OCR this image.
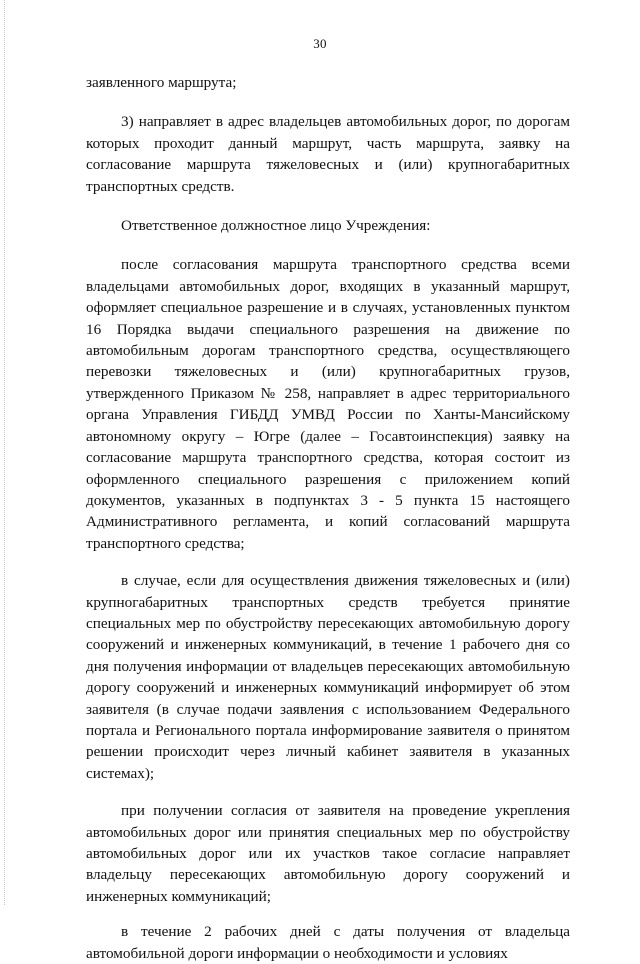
30

заявленного маршрута;

3) направляет в адрес владельцев автомобильных дорог, по дорогам которых проходит данный маршрут, часть маршрута, заявку на согласование маршрута тяжеловесных и (или) крупногабаритных транспортных средств.

Ответственное должностное лицо Учреждения:

после согласования маршрута транспортного средства всеми владельцами автомобильных дорог, входящих в указанный маршрут, оформляет специальное разрешение и в случаях, установленных пунктом 16 Порядка выдачи специального разрешения на движение по автомобильным дорогам транспортного средства, осуществляющего перевозки тяжеловесных и (или) крупногабаритных грузов, утвержденного Приказом № 258, направляет в адрес территориального органа Управления ГИБДД УМВД России по Ханты-Мансийскому автономному округу – Югре (далее – Госавтоинспекция) заявку на согласование маршрута транспортного средства, которая состоит из оформленного специального разрешения с приложением копий документов, указанных в подпунктах 3 - 5 пункта 15 настоящего Административного регламента, и копий согласований маршрута транспортного средства;

в случае, если для осуществления движения тяжеловесных и (или) крупногабаритных транспортных средств требуется принятие специальных мер по обустройству пересекающих автомобильную дорогу сооружений и инженерных коммуникаций, в течение 1 рабочего дня со дня получения информации от владельцев пересекающих автомобильную дорогу сооружений и инженерных коммуникаций информирует об этом заявителя (в случае подачи заявления с использованием Федерального портала и Регионального портала информирование заявителя о принятом решении происходит через личный кабинет заявителя в указанных системах);

при получении согласия от заявителя на проведение укрепления автомобильных дорог или принятия специальных мер по обустройству автомобильных дорог или их участков такое согласие направляет владельцу пересекающих автомобильную дорогу сооружений и инженерных коммуникаций;

в течение 2 рабочих дней с даты получения от владельца автомобильной дороги информации о необходимости и условиях
